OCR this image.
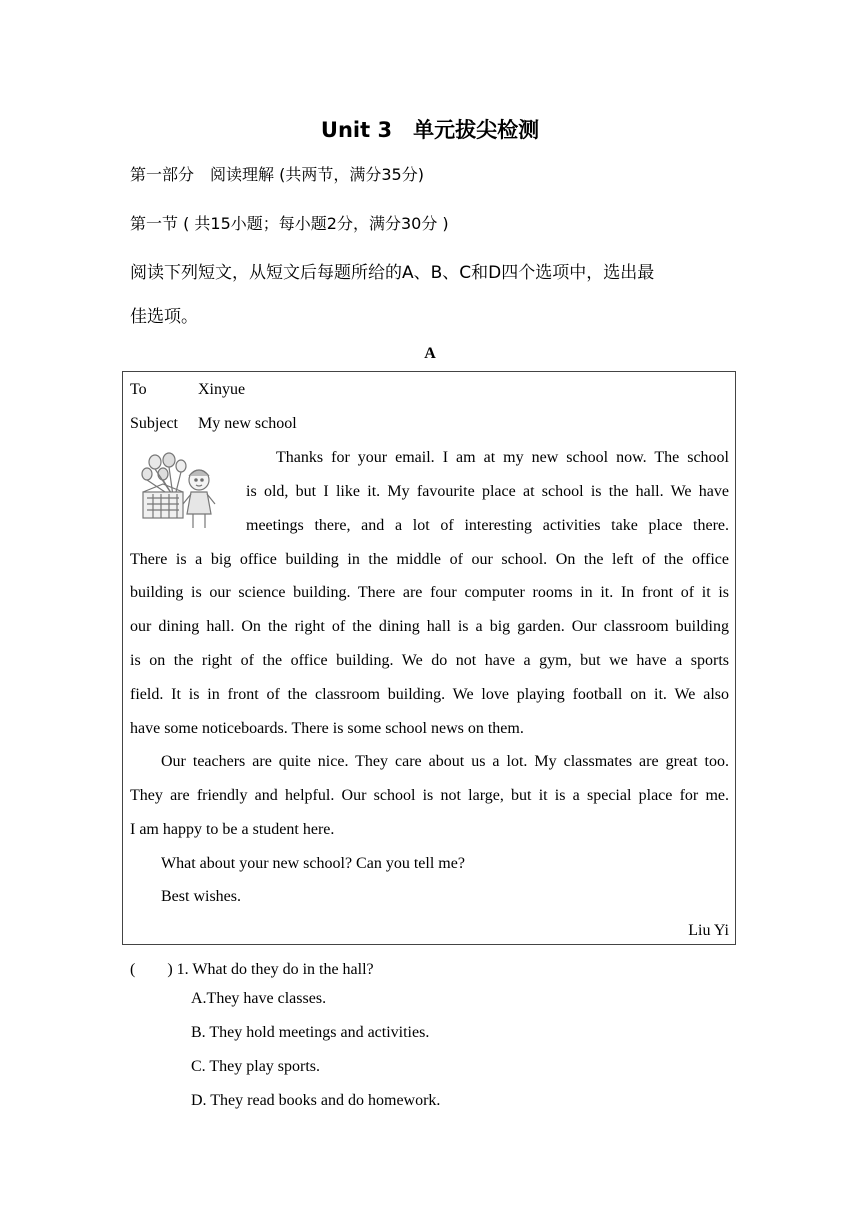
Unit 3　单元拔尖检测
第一部分　阅读理解 (共两节，满分35分)
第一节 ( 共15小题；每小题2分，满分30分 )
阅读下列短文，从短文后每题所给的A、B、C和D四个选项中，选出最
佳选项。
A
To	Xinyue
Subject My new school
Thanks for your email. I am at my new school now. The school
is old, but I like it. My favourite place at school is the hall. We have
meetings there, and a lot of interesting activities take place there.
There is a big office building in the middle of our school. On the left of the office
building is our science building. There are four computer rooms in it. In front of it is
our dining hall. On the right of the dining hall is a big garden. Our classroom building
is on the right of the office building. We do not have a gym, but we have a sports
field. It is in front of the classroom building. We love playing football on it. We also
have some noticeboards. There is some school news on them.
Our teachers are quite nice. They care about us a lot. My classmates are great too.
They are friendly and helpful. Our school is not large, but it is a special place for me.
I am happy to be a student here.
What about your new school? Can you tell me?
Best wishes.
Liu Yi
(　　) 1. What do they do in the hall?
A.They have classes.
B. They hold meetings and activities.
C. They play sports.
D. They read books and do homework.
